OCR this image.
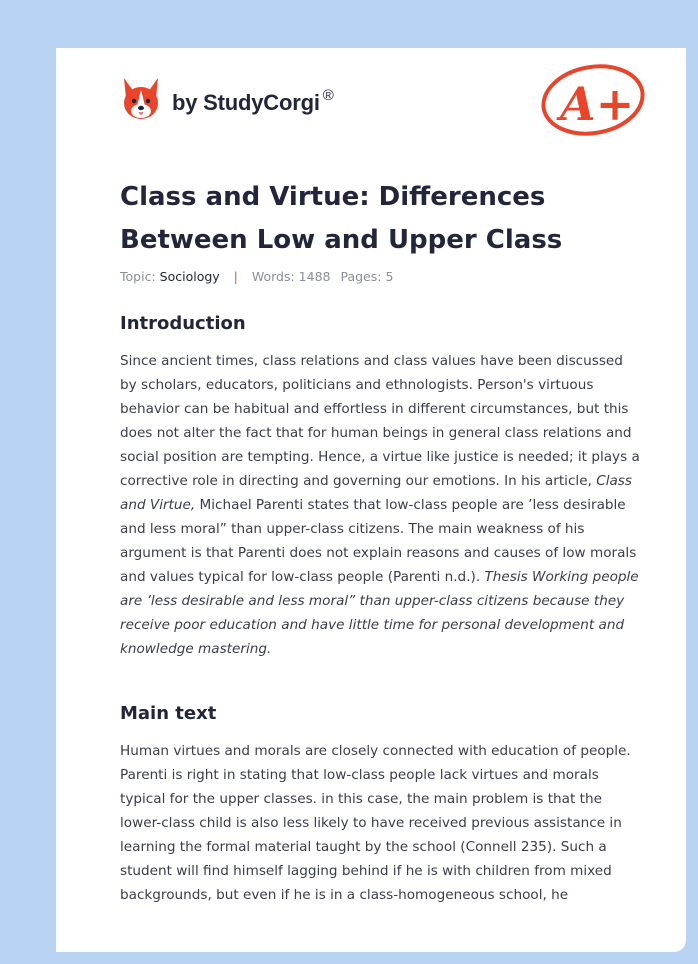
by StudyCorgi ®	A+
Class and Virtue: Differences Between Low and Upper Class
Topic: Sociology | Words: 1488 Pages: 5
Introduction

Since ancient times, class relations and class values have been discussed by scholars, educators, politicians and ethnologists. Person's virtuous behavior can be habitual and effortless in different circumstances, but this does not alter the fact that for human beings in general class relations and social position are tempting. Hence, a virtue like justice is needed; it plays a corrective role in directing and governing our emotions. In his article, Class and Virtue, Michael Parenti states that low-class people are ’less desirable and less moral” than upper-class citizens. The main weakness of his argument is that Parenti does not explain reasons and causes of low morals and values typical for low-class people (Parenti n.d.). Thesis Working people are ’less desirable and less moral” than upper-class citizens because they receive poor education and have little time for personal development and knowledge mastering.

Main text

Human virtues and morals are closely connected with education of people. Parenti is right in stating that low-class people lack virtues and morals typical for the upper classes. in this case, the main problem is that the lower-class child is also less likely to have received previous assistance in learning the formal material taught by the school (Connell 235). Such a student will find himself lagging behind if he is with children from mixed backgrounds, but even if he is in a class-homogeneous school, he
